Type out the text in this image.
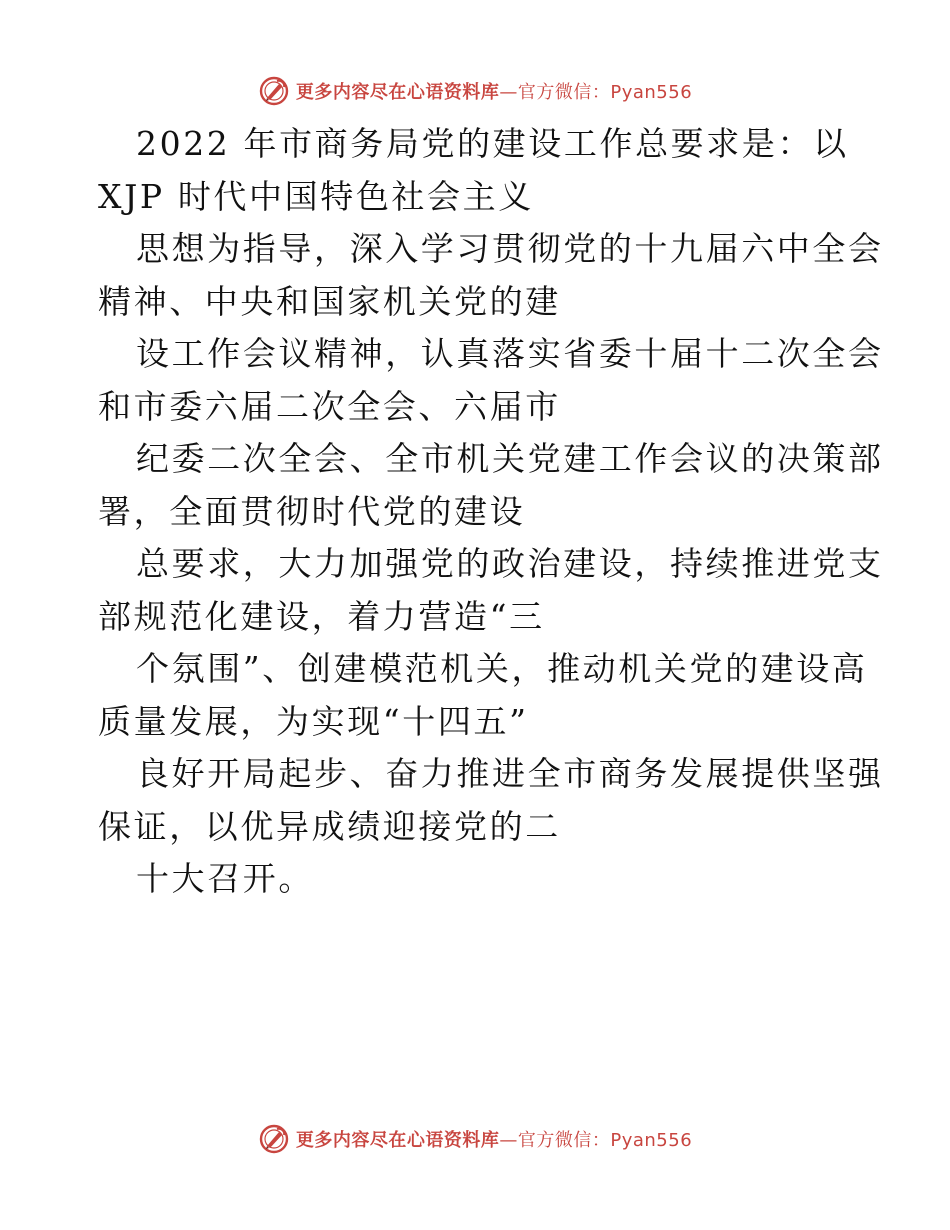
更多内容尽在心语资料库—官方微信：Pyan556
2022 年市商务局党的建设工作总要求是：以
XJP 时代中国特色社会主义
思想为指导，深入学习贯彻党的十九届六中全会
精神、中央和国家机关党的建
设工作会议精神，认真落实省委十届十二次全会
和市委六届二次全会、六届市
纪委二次全会、全市机关党建工作会议的决策部
署，全面贯彻时代党的建设
总要求，大力加强党的政治建设，持续推进党支
部规范化建设，着力营造“三
个氛围”、创建模范机关，推动机关党的建设高
质量发展，为实现“十四五”
良好开局起步、奋力推进全市商务发展提供坚强
保证，以优异成绩迎接党的二
十大召开。
更多内容尽在心语资料库—官方微信：Pyan556
